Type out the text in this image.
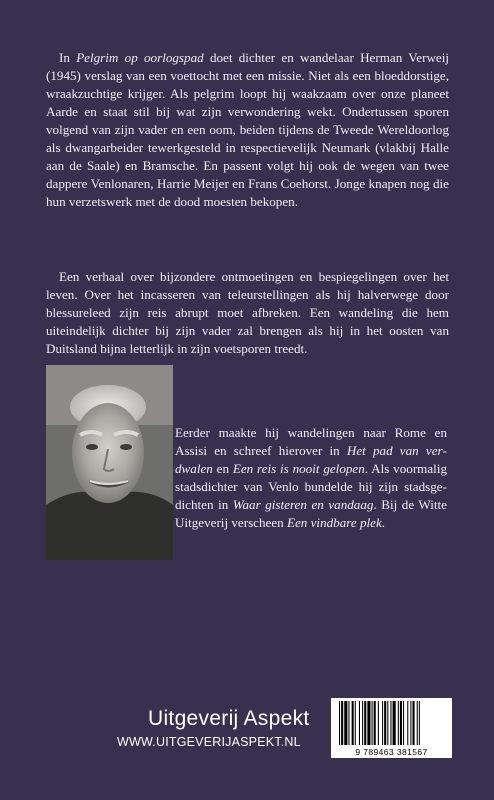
In Pelgrim op oorlogspad doet dichter en wandelaar Herman Verweij (1945) verslag van een voettocht met een missie. Niet als een bloeddorstige, wraakzuchtige krijger. Als pelgrim loopt hij waakzaam over onze planeet Aarde en staat stil bij wat zijn verwondering wekt. Ondertussen sporen volgend van zijn vader en een oom, beiden tijdens de Tweede Wereldoorlog als dwangarbeider tewerkgesteld in respectievelijk Neumark (vlakbij Halle aan de Saale) en Bramsche. En passent volgt hij ook de wegen van twee dappere Venlonaren, Harrie Meijer en Frans Coehorst. Jonge knapen nog die hun verzetswerk met de dood moesten bekopen.

Een verhaal over bijzondere ontmoetingen en bespiegelingen over het leven. Over het incasseren van teleurstellingen als hij halverwege door blessureleed zijn reis abrupt moet afbreken. Een wandeling die hem uiteindelijk dichter bij zijn vader zal brengen als hij in het oosten van Duitsland bijna letterlijk in zijn voetsporen treedt.

Eerder maakte hij wandelingen naar Rome en Assisi en schreef hierover in Het pad van verdwalen en Een reis is nooit gelopen. Als voormalig stadsdichter van Venlo bundelde hij zijn stadsgedichten in Waar gisteren en vandaag. Bij de Witte Uitgeverij verscheen Een vindbare plek.

Uitgeverij Aspekt
WWW.UITGEVERIJASPEKT.NL
9 789463 381567
